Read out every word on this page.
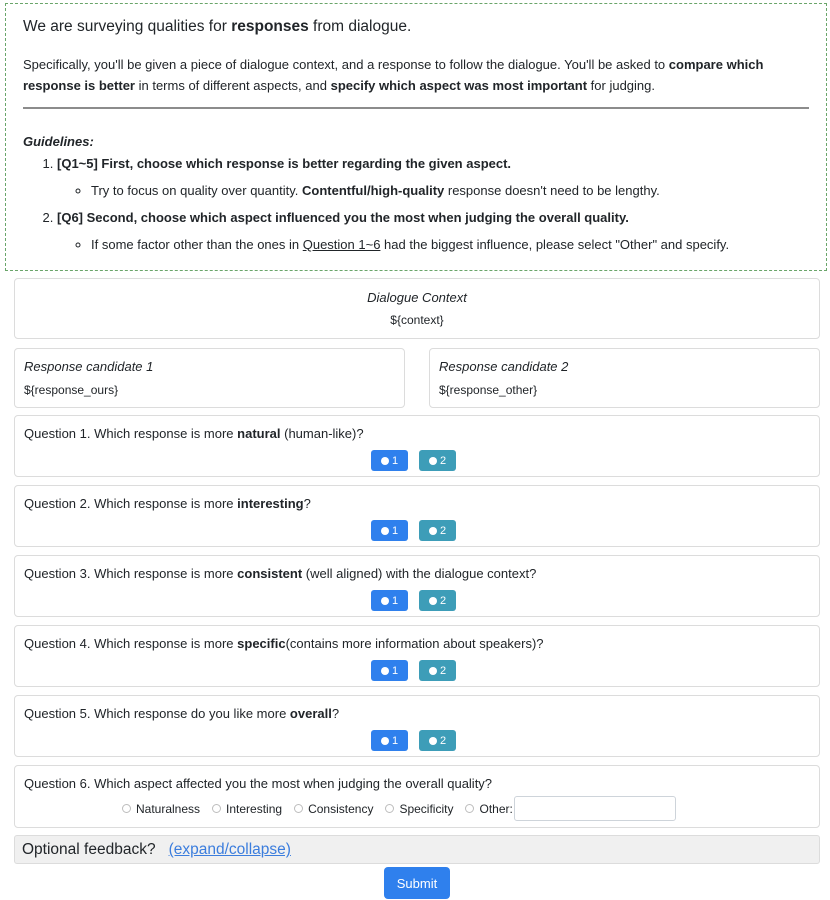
We are surveying qualities for responses from dialogue.

Specifically, you'll be given a piece of dialogue context, and a response to follow the dialogue. You'll be asked to compare which response is better in terms of different aspects, and specify which aspect was most important for judging.

Guidelines:

1. [Q1~5] First, choose which response is better regarding the given aspect.
◦ Try to focus on quality over quantity. Contentful/high-quality response doesn't need to be lengthy.
2. [Q6] Second, choose which aspect influenced you the most when judging the overall quality.
◦ If some factor other than the ones in Question 1~6 had the biggest influence, please select "Other" and specify.
Dialogue Context
${context}
Response candidate 1
${response_ours}
Response candidate 2
${response_other}
Question 1. Which response is more natural (human-like)?
1	2
Question 2. Which response is more interesting?
1	2
Question 3. Which response is more consistent (well aligned) with the dialogue context?
1	2
Question 4. Which response is more specific(contains more information about speakers)?
1	2
Question 5. Which response do you like more overall?
1	2
Question 6. Which aspect affected you the most when judging the overall quality?
Naturalness Interesting Consistency Specificity Other:
Optional feedback? (expand/collapse)
Submit
